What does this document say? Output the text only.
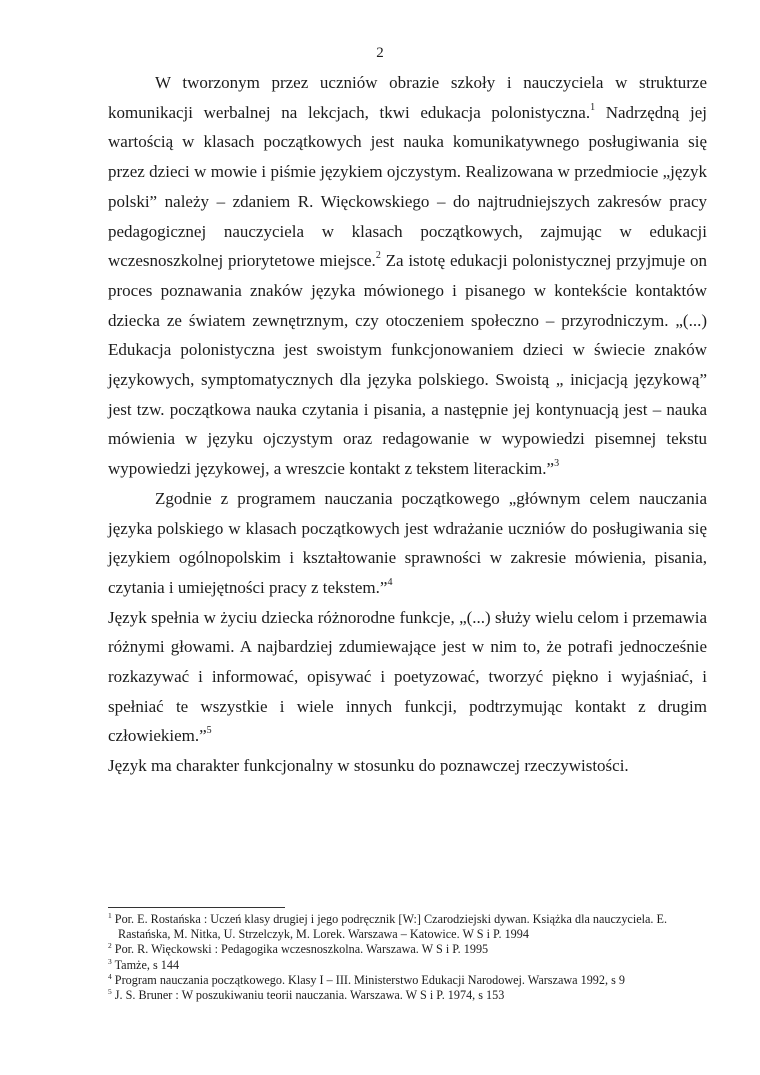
2

W tworzonym przez uczniów obrazie szkoły i nauczyciela w strukturze komunikacji werbalnej na lekcjach, tkwi edukacja polonistyczna.$^1$ Nadrzędną jej wartością w klasach początkowych jest nauka komunikatywnego posługiwania się przez dzieci w mowie i piśmie językiem ojczystym. Realizowana w przedmiocie „język polski” należy – zdaniem R. Więckowskiego – do najtrudniejszych zakresów pracy pedagogicznej nauczyciela w klasach początkowych, zajmując w edukacji wczesnoszkolnej priorytetowe miejsce.$^2$ Za istotę edukacji polonistycznej przyjmuje on proces poznawania znaków języka mówionego i pisanego w kontekście kontaktów dziecka ze światem zewnętrznym, czy otoczeniem społeczno – przyrodniczym. „(...) Edukacja polonistyczna jest swoistym funkcjonowaniem dzieci w świecie znaków językowych, symptomatycznych dla języka polskiego. Swoistą „ inicjacją językową” jest tzw. początkowa nauka czytania i pisania, a następnie jej kontynuacją jest – nauka mówienia w języku ojczystym oraz redagowanie w wypowiedzi pisemnej tekstu wypowiedzi językowej, a wreszcie kontakt z tekstem literackim.”$^3$

Zgodnie z programem nauczania początkowego „głównym celem nauczania języka polskiego w klasach początkowych jest wdrażanie uczniów do posługiwania się językiem ogólnopolskim i kształtowanie sprawności w zakresie mówienia, pisania, czytania i umiejętności pracy z tekstem.”$^4$

Język spełnia w życiu dziecka różnorodne funkcje, „(...) służy wielu celom i przemawia różnymi głowami. A najbardziej zdumiewające jest w nim to, że potrafi jednocześnie rozkazywać i informować, opisywać i poetyzować, tworzyć piękno i wyjaśniać, i spełniać te wszystkie i wiele innych funkcji, podtrzymując kontakt z drugim człowiekiem.”$^5$

Język ma charakter funkcjonalny w stosunku do poznawczej rzeczywistości.

$^1$ Por. E. Rostańska : Uczeń klasy drugiej i jego podręcznik [W:] Czarodziejski dywan. Książka dla nauczyciela. E.

Rastańska, M. Nitka, U. Strzelczyk, M. Lorek. Warszawa – Katowice. W S i P. 1994

$^2$ Por. R. Więckowski : Pedagogika wczesnoszkolna. Warszawa. W S i P. 1995

$^3$ Tamże, s 144

$^4$ Program nauczania początkowego. Klasy I – III. Ministerstwo Edukacji Narodowej. Warszawa 1992, s 9

$^5$ J. S. Bruner : W poszukiwaniu teorii nauczania. Warszawa. W S i P. 1974, s 153
